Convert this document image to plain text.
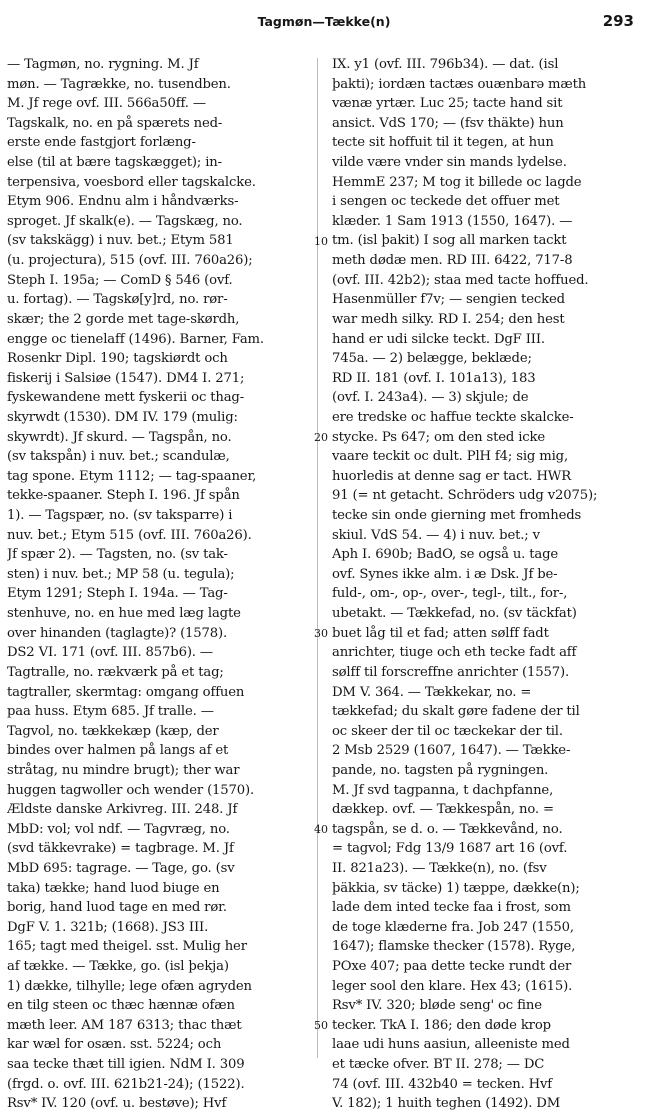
Tagmøn—Tække(n)	293
— Tagmøn, no. rygning. M. Jf
møn. — Tagrække, no. tusendben.
M. Jf rege ovf. III. 566a50ff. —
Tagskalk, no. en på spærets ned-
erste ende fastgjort forlæng-
else (til at bære tagskægget); in-
terpensiva, voesbord eller tagskalcke.
Etym 906. Endnu alm i håndværks-
sproget. Jf skalk(e). — Tagskæg, no.
(sv takskägg) i nuv. bet.; Etym 581
(u. projectura), 515 (ovf. III. 760a26);
Steph I. 195a; — ComD § 546 (ovf.
u. fortag). — Tagskø[y]rd, no. rør-
skær; the 2 gorde met tage-skørdh,
engge oc tienelaff (1496). Barner, Fam.
Rosenkr Dipl. 190; tagskiørdt och
fiskerij i Salsiøe (1547). DM4 I. 271;
fyskewandene mett fyskerii oc thag-
skyrwdt (1530). DM IV. 179 (mulig:
skywrdt). Jf skurd. — Tagspån, no.
(sv takspån) i nuv. bet.; scandulæ,
tag spone. Etym 1112; — tag-spaaner,
tekke-spaaner. Steph I. 196. Jf spån
1). — Tagspær, no. (sv taksparre) i
nuv. bet.; Etym 515 (ovf. III. 760a26).
Jf spær 2). — Tagsten, no. (sv tak-
sten) i nuv. bet.; MP 58 (u. tegula);
Etym 1291; Steph I. 194a. — Tag-
stenhuve, no. en hue med læg lagte
over hinanden (taglagte)? (1578).
DS2 VI. 171 (ovf. III. 857b6). —
Tagtralle, no. rækværk på et tag;
tagtraller, skermtag: omgang offuen
paa huss. Etym 685. Jf tralle. —
Tagvol, no. tækkekæp (kæp, der
bindes over halmen på langs af et
stråtag, nu mindre brugt); ther war
huggen tagwoller och wender (1570).
Ældste danske Arkivreg. III. 248. Jf
MbD: vol; vol ndf. — Tagvræg, no.
(svd täkkevrake) = tagbrage. M. Jf
MbD 695: tagrage. — Tage, go. (sv
taka) tække; hand luod biuge en
borig, hand luod tage en med rør.
DgF V. 1. 321b; (1668). JS3 III.
165; tagt med theigel. sst. Mulig her
af tække. — Tække, go. (isl þekja)
1) dække, tilhylle; lege ofæn agryden
en tilg steen oc thæc hænnæ ofæn
mæth leer. AM 187 6313; thac thæt
kar wæl for osæn. sst. 5224; och
saa tecke thæt till igien. NdM I. 309
(frgd. o. ovf. III. 621b21-24); (1522).
Rsv* IV. 120 (ovf. u. bestøve); Hvf
10
20
30
40
50
IX. y1 (ovf. III. 796b34). — dat. (isl
þakti); iordæn tactæs ouænbarǝ mæth
vænæ yrtær. Luc 25; tacte hand sit
ansict. VdS 170; — (fsv thäkte) hun
tecte sit hoffuit til it tegen, at hun
vilde være vnder sin mands lydelse.
HemmE 237; M tog it billede oc lagde
i sengen oc teckede det offuer met
klæder. 1 Sam 1913 (1550, 1647). —
tm. (isl þakit) I sog all marken tackt
meth dødæ men. RD III. 6422, 717-8
(ovf. III. 42b2); staa med tacte hoffued.
Hasenmüller f7v; — sengien tecked
war medh silky. RD I. 254; den hest
hand er udi silcke teckt. DgF III.
745a. — 2) belægge, beklæde;
RD II. 181 (ovf. I. 101a13), 183
(ovf. I. 243a4). — 3) skjule; de
ere tredske oc haffue teckte skalcke-
stycke. Ps 647; om den sted icke
vaare teckit oc dult. PlH f4; sig mig,
huorledis at denne sag er tact. HWR
91 (= nt getacht. Schröders udg v2075);
tecke sin onde gierning met fromheds
skiul. VdS 54. — 4) i nuv. bet.; v
Aph I. 690b; BadO, se også u. tage
ovf. Synes ikke alm. i æ Dsk. Jf be-
fuld-, om-, op-, over-, tegl-, tilt., for-,
ubetakt. — Tækkefad, no. (sv täckfat)
buet låg til et fad; atten sølff fadt
anrichter, tiuge och eth tecke fadt aff
sølff til forscreffne anrichter (1557).
DM V. 364. — Tækkekar, no. =
tækkefad; du skalt gøre fadene der til
oc skeer der til oc tæckekar der til.
2 Msb 2529 (1607, 1647). — Tække-
pande, no. tagsten på rygningen.
M. Jf svd tagpanna, t dachpfanne,
dækkep. ovf. — Tækkespån, no. =
tagspån, se d. o. — Tækkevånd, no.
= tagvol; Fdg 13/9 1687 art 16 (ovf.
II. 821a23). — Tække(n), no. (fsv
þäkkia, sv täcke) 1) tæppe, dække(n);
lade dem inted tecke faa i frost, som
de toge klæderne fra. Job 247 (1550,
1647); flamske thecker (1578). Ryge,
POxe 407; paa dette tecke rundt der
leger sool den klare. Hex 43; (1615).
Rsv* IV. 320; bløde seng' oc fine
tecker. TkA I. 186; den døde krop
laae udi huns aasiun, alleeniste med
et tæcke ofver. BT II. 278; — DC
74 (ovf. III. 432b40 = tecken. Hvf
V. 182); 1 huith teghen (1492). DM
